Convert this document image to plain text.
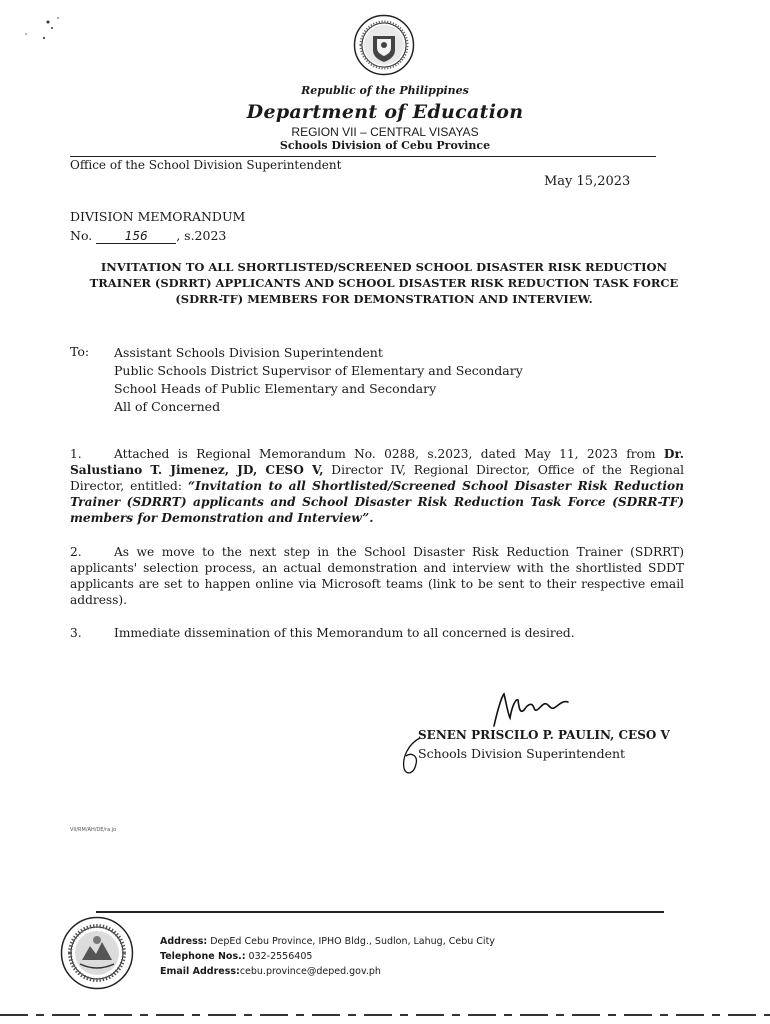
Republic of the Philippines
Department of Education
REGION VII – CENTRAL VISAYAS
Schools Division of Cebu Province
Office of the School Division Superintendent
May 15,2023
DIVISION MEMORANDUM
No.	156 , s.2023
INVITATION TO ALL SHORTLISTED/SCREENED SCHOOL DISASTER RISK REDUCTION TRAINER (SDRRT) APPLICANTS AND SCHOOL DISASTER RISK REDUCTION TASK FORCE (SDRR-TF) MEMBERS FOR DEMONSTRATION AND INTERVIEW.
To: Assistant Schools Division Superintendent
Public Schools District Supervisor of Elementary and Secondary
School Heads of Public Elementary and Secondary
All of Concerned
1.	Attached is Regional Memorandum No. 0288, s.2023, dated May 11, 2023 from Dr. Salustiano T. Jimenez, JD, CESO V, Director IV, Regional Director, Office of the Regional Director, entitled: “Invitation to all Shortlisted/Screened School Disaster Risk Reduction Trainer (SDRRT) applicants and School Disaster Risk Reduction Task Force (SDRR-TF) members for Demonstration and Interview”.
2.	As we move to the next step in the School Disaster Risk Reduction Trainer (SDRRT) applicants' selection process, an actual demonstration and interview with the shortlisted SDDT applicants are set to happen online via Microsoft teams (link to be sent to their respective email address).
3.	Immediate dissemination of this Memorandum to all concerned is desired.
SENEN PRISCILO P. PAULIN, CESO V
Schools Division Superintendent
VII/RM/AH/DE/ra.jo
Address: DepEd Cebu Province, IPHO Bldg., Sudlon, Lahug, Cebu City
Telephone Nos.: 032-2556405
Email Address:cebu.province@deped.gov.ph
